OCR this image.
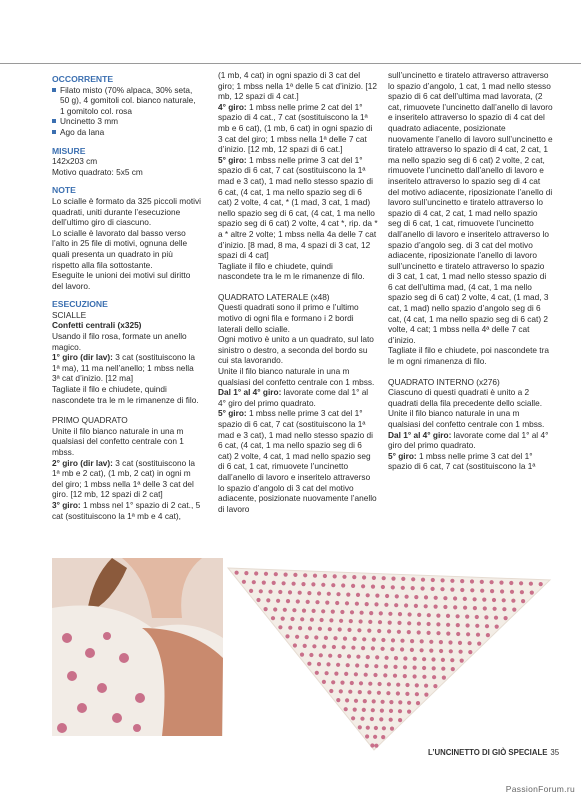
OCCORRENTE

Filato misto (70% alpaca, 30% seta, 50 g), 4 gomitoli col. bianco naturale, 1 gomitolo col. rosa
Uncinetto 3 mm
Ago da lana

MISURE

142x203 cm

Motivo quadrato: 5x5 cm

NOTE

Lo scialle è formato da 325 piccoli motivi quadrati, uniti durante l’esecuzione dell’ultimo giro di ciascuno.

Lo scialle è lavorato dal basso verso l’alto in 25 file di motivi, ognuna delle quali presenta un quadrato in più rispetto alla fila sottostante.

Eseguite le unioni dei motivi sul diritto del lavoro.

ESECUZIONE

SCIALLE

Confetti centrali (x325)

Usando il filo rosa, formate un anello magico.

1° giro (dir lav): 3 cat (sostituiscono la 1ª ma), 11 ma nell’anello; 1 mbss nella 3ª cat d’inizio. [12 ma]

Tagliate il filo e chiudete, quindi nascondete tra le m le rimanenze di filo.

PRIMO QUADRATO

Unite il filo bianco naturale in una m qualsiasi del confetto centrale con 1 mbss.

2° giro (dir lav): 3 cat (sostituiscono la 1ª mb e 2 cat), (1 mb, 2 cat) in ogni m del giro; 1 mbss nella 1ª delle 3 cat del giro. [12 mb, 12 spazi di 2 cat]

3° giro: 1 mbss nel 1° spazio di 2 cat., 5 cat (sostituiscono la 1ª mb e 4 cat),

(1 mb, 4 cat) in ogni spazio di 3 cat del giro; 1 mbss nella 1ª delle 5 cat d’inizio. [12 mb, 12 spazi di 4 cat.]

4° giro: 1 mbss nelle prime 2 cat del 1° spazio di 4 cat., 7 cat (sostituiscono la 1ª mb e 6 cat), (1 mb, 6 cat) in ogni spazio di 3 cat del giro; 1 mbss nella 1ª delle 7 cat d’inizio. [12 mb, 12 spazi di 6 cat.]

5° giro: 1 mbss nelle prime 3 cat del 1° spazio di 6 cat, 7 cat (sostituiscono la 1ª mad e 3 cat), 1 mad nello stesso spazio di 6 cat, (4 cat, 1 ma nello spazio seg di 6 cat) 2 volte, 4 cat, * (1 mad, 3 cat, 1 mad) nello spazio seg di 6 cat, (4 cat, 1 ma nello spazio seg di 6 cat) 2 volte, 4 cat *, rip. da * a * altre 2 volte; 1 mbss nella 4a delle 7 cat d’inizio. [8 mad, 8 ma, 4 spazi di 3 cat, 12 spazi di 4 cat]

Tagliate il filo e chiudete, quindi nascondete tra le m le rimanenze di filo.

QUADRATO LATERALE (x48)

Questi quadrati sono il primo e l’ultimo motivo di ogni fila e formano i 2 bordi laterali dello scialle.

Ogni motivo è unito a un quadrato, sul lato sinistro o destro, a seconda del bordo su cui sta lavorando.

Unite il filo bianco naturale in una m qualsiasi del confetto centrale con 1 mbss.

Dal 1° al 4° giro: lavorate come dal 1° al 4° giro del primo quadrato.

5° giro: 1 mbss nelle prime 3 cat del 1° spazio di 6 cat, 7 cat (sostituiscono la 1ª mad e 3 cat), 1 mad nello stesso spazio di 6 cat, (4 cat, 1 ma nello spazio seg di 6 cat) 2 volte, 4 cat, 1 mad nello spazio seg di 6 cat, 1 cat, rimuovete l’uncinetto dall’anello di lavoro e inseritelo attraverso lo spazio d’angolo di 3 cat del motivo adiacente, posizionate nuovamente l’anello di lavoro

sull’uncinetto e tiratelo attraverso attraverso lo spazio d’angolo, 1 cat, 1 mad nello stesso spazio di 6 cat dell’ultima mad lavorata, (2 cat, rimuovete l’uncinetto dall’anello di lavoro e inseritelo attraverso lo spazio di 4 cat del quadrato adiacente, posizionate nuovamente l’anello di lavoro sull’uncinetto e tiratelo attraverso lo spazio di 4 cat, 2 cat, 1 ma nello spazio seg di 6 cat) 2 volte, 2 cat, rimuovete l’uncinetto dall’anello di lavoro e inseritelo attraverso lo spazio seg di 4 cat del motivo adiacente, riposizionate l’anello di lavoro sull’uncinetto e tiratelo attraverso lo spazio di 4 cat, 2 cat, 1 mad nello spazio seg di 6 cat, 1 cat, rimuovete l’uncinetto dall’anello di lavoro e inseritelo attraverso lo spazio d’angolo seg. di 3 cat del motivo adiacente, riposizionate l’anello di lavoro sull’uncinetto e tiratelo attraverso lo spazio di 3 cat, 1 cat, 1 mad nello stesso spazio di 6 cat dell’ultima mad, (4 cat, 1 ma nello spazio seg di 6 cat) 2 volte, 4 cat, (1 mad, 3 cat, 1 mad) nello spazio d’angolo seg di 6 cat, (4 cat, 1 ma nello spazio seg di 6 cat) 2 volte, 4 cat; 1 mbss nella 4ª delle 7 cat d’inizio.

Tagliate il filo e chiudete, poi nascondete tra le m ogni rimanenza di filo.

QUADRATO INTERNO (x276)

Ciascuno di questi quadrati è unito a 2 quadrati della fila precedente dello scialle.

Unite il filo bianco naturale in una m qualsiasi del confetto centrale con 1 mbss.

Dal 1° al 4° giro: lavorate come dal 1° al 4° giro del primo quadrato.

5° giro: 1 mbss nelle prime 3 cat del 1° spazio di 6 cat, 7 cat (sostituiscono la 1ª

L’UNCINETTO DI GIÒ SPECIALE 35
PassionForum.ru
